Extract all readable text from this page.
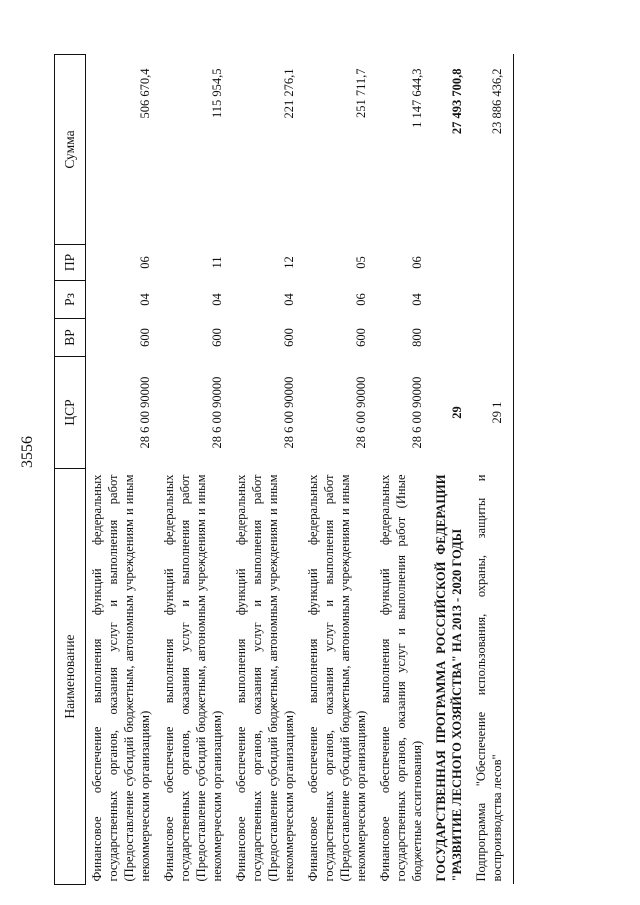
3556
Наименование	ЦСР	ВР	Рз	ПР	Сумма
Финансовое обеспечение выполнения функций федеральных государственных органов, оказания услуг и выполнения работ (Предоставление субсидий бюджетным, автономным учреждениям и иным некоммерческим организациям)	28 6 00 90000	600	04	06	506 670,4
Финансовое обеспечение выполнения функций федеральных государственных органов, оказания услуг и выполнения работ (Предоставление субсидий бюджетным, автономным учреждениям и иным некоммерческим организациям)	28 6 00 90000	600	04	11	115 954,5
Финансовое обеспечение выполнения функций федеральных государственных органов, оказания услуг и выполнения работ (Предоставление субсидий бюджетным, автономным учреждениям и иным некоммерческим организациям)	28 6 00 90000	600	04	12	221 276,1
Финансовое обеспечение выполнения функций федеральных государственных органов, оказания услуг и выполнения работ (Предоставление субсидий бюджетным, автономным учреждениям и иным некоммерческим организациям)	28 6 00 90000	600	06	05	251 711,7
Финансовое обеспечение выполнения функций федеральных государственных органов, оказания услуг и выполнения работ (Иные бюджетные ассигнования)	28 6 00 90000	800	04	06	1 147 644,3
ГОСУДАРСТВЕННАЯ ПРОГРАММА РОССИЙСКОЙ ФЕДЕРАЦИИ "РАЗВИТИЕ ЛЕСНОГО ХОЗЯЙСТВА" НА 2013 - 2020 ГОДЫ	29				27 493 700,8
Подпрограмма "Обеспечение использования, охраны, защиты и воспроизводства лесов"	29 1				23 886 436,2
